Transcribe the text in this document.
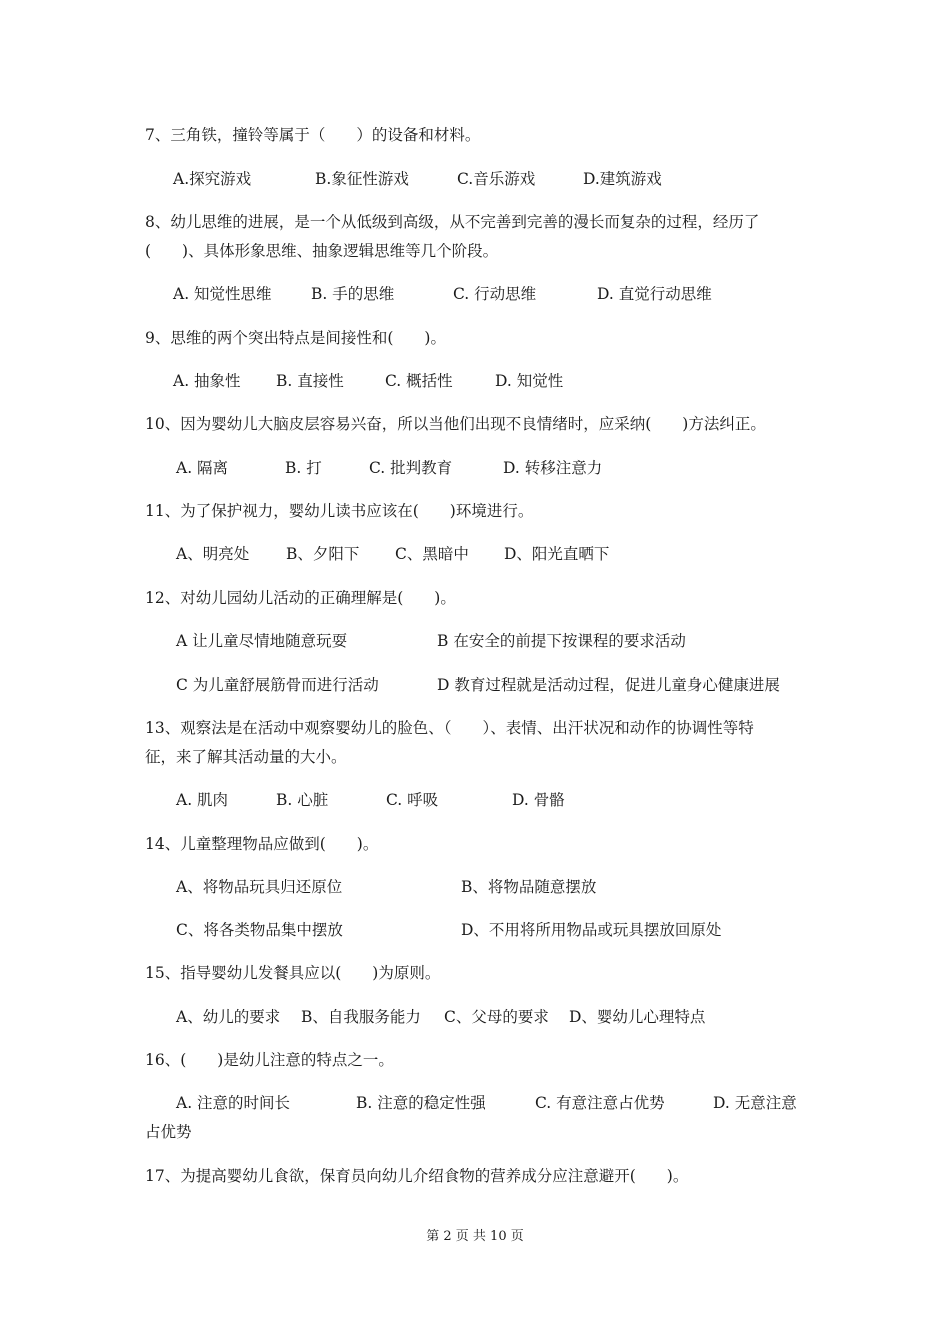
7、三角铁，撞铃等属于（　　）的设备和材料。
A.探究游戏	B.象征性游戏	C.音乐游戏	D.建筑游戏
8、幼儿思维的进展，是一个从低级到高级，从不完善到完善的漫长而复杂的过程，经历了
(　　)、具体形象思维、抽象逻辑思维等几个阶段。
A. 知觉性思维	B. 手的思维	C. 行动思维	D. 直觉行动思维
9、思维的两个突出特点是间接性和(　　)。
A. 抽象性 B. 直接性	C. 概括性	D. 知觉性
10、因为婴幼儿大脑皮层容易兴奋，所以当他们出现不良情绪时，应采纳(　　)方法纠正。
A. 隔离	B. 打	C. 批判教育	D. 转移注意力
11、为了保护视力，婴幼儿读书应该在(　　)环境进行。
A、明亮处 B、夕阳下 C、黑暗中 D、阳光直晒下
12、对幼儿园幼儿活动的正确理解是(　　)。
A 让儿童尽情地随意玩耍	B 在安全的前提下按课程的要求活动
C 为儿童舒展筋骨而进行活动	D 教育过程就是活动过程，促进儿童身心健康进展
13、观察法是在活动中观察婴幼儿的脸色、（　　）、表情、出汗状况和动作的协调性等特
征，来了解其活动量的大小。
A. 肌肉	B. 心脏	C. 呼吸	D. 骨骼
14、儿童整理物品应做到(　　)。
A、将物品玩具归还原位	B、将物品随意摆放
C、将各类物品集中摆放	D、不用将所用物品或玩具摆放回原处
15、指导婴幼儿发餐具应以(　　)为原则。
A、幼儿的要求 B、自我服务能力 C、父母的要求 D、婴幼儿心理特点
16、(　　)是幼儿注意的特点之一。
A. 注意的时间长	B. 注意的稳定性强	C. 有意注意占优势	D. 无意注意
占优势
17、为提高婴幼儿食欲，保育员向幼儿介绍食物的营养成分应注意避开(　　)。
第 2 页 共 10 页
